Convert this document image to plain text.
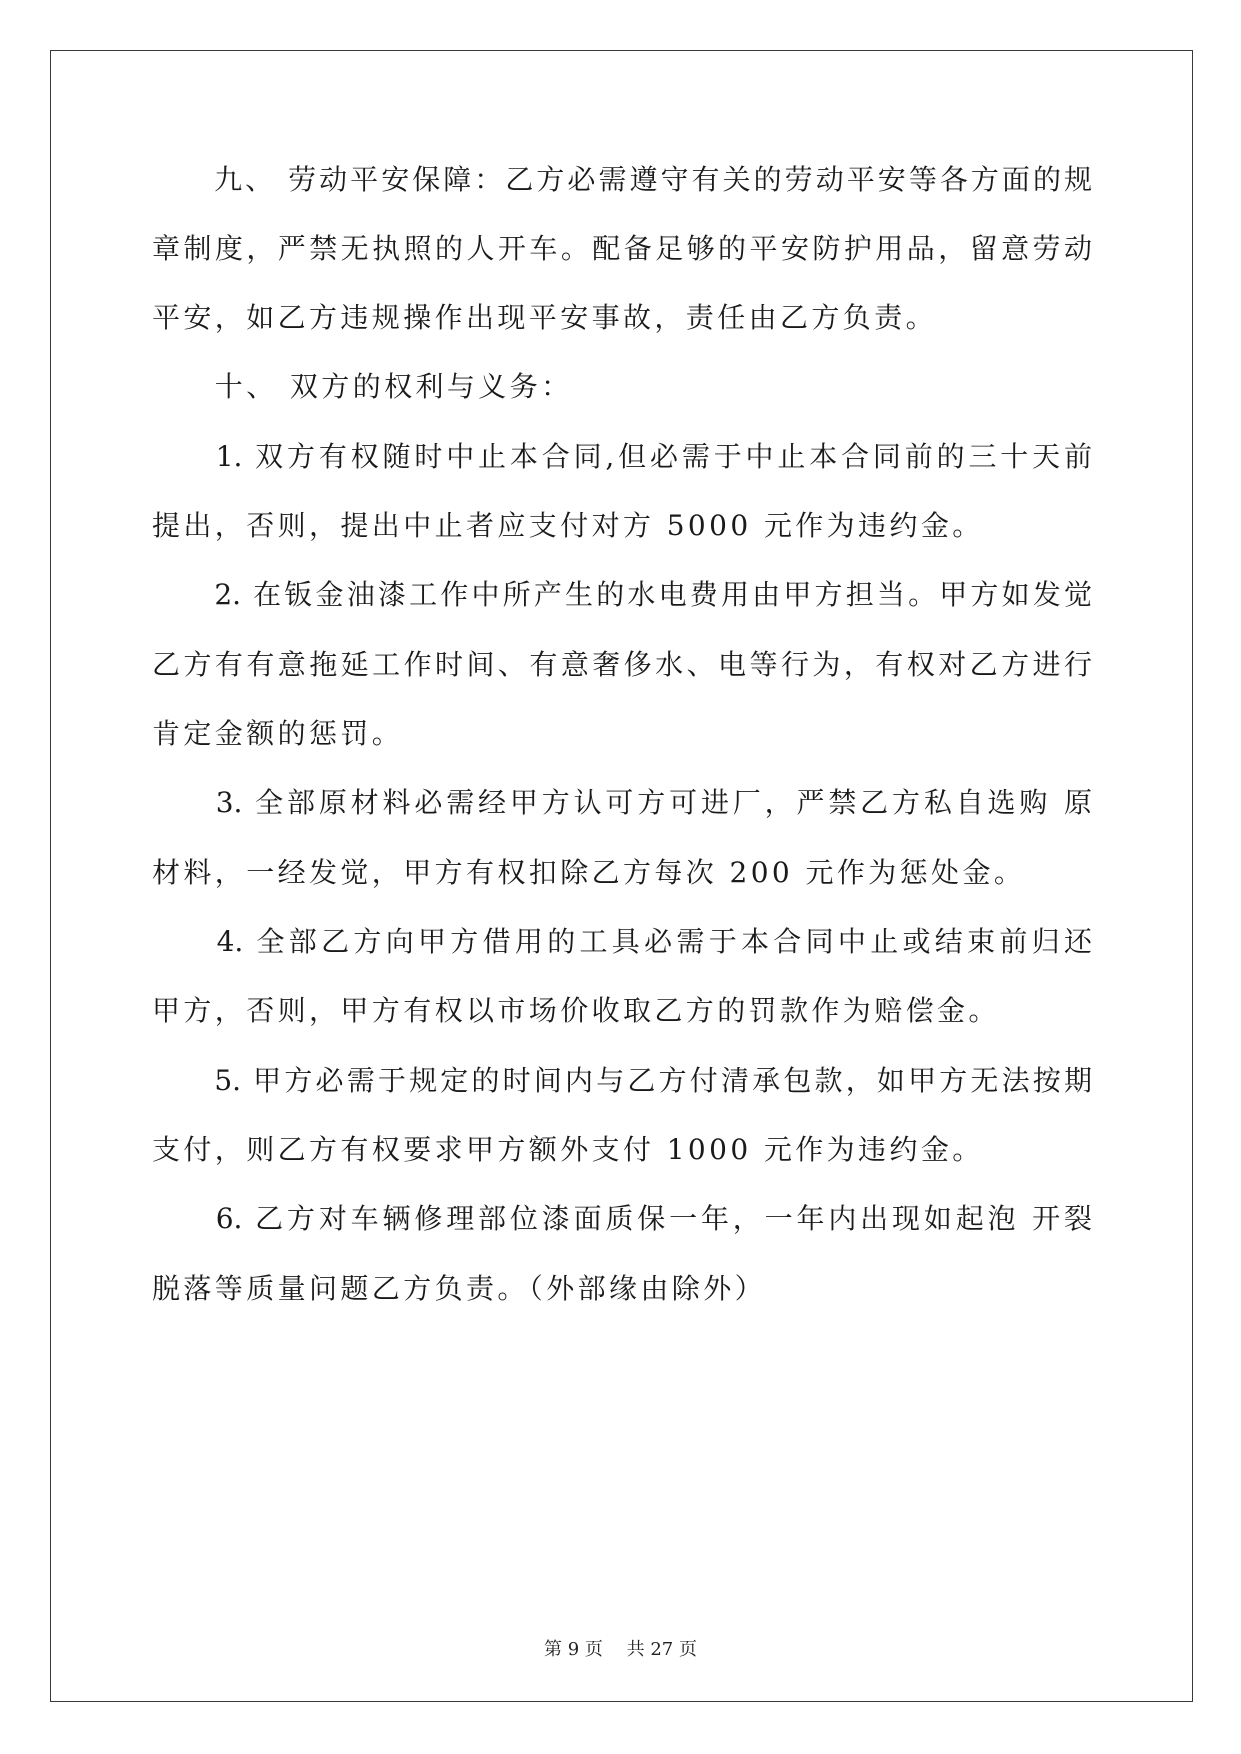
　　九、 劳动平安保障：乙方必需遵守有关的劳动平安等各方面的规
章制度，严禁无执照的人开车。配备足够的平安防护用品，留意劳动
平安，如乙方违规操作出现平安事故，责任由乙方负责。
　　十、 双方的权利与义务：
　　1. 双方有权随时中止本合同,但必需于中止本合同前的三十天前
提出，否则，提出中止者应支付对方 5000 元作为违约金。
　　2. 在钣金油漆工作中所产生的水电费用由甲方担当。甲方如发觉
乙方有有意拖延工作时间、有意奢侈水、电等行为，有权对乙方进行
肯定金额的惩罚。
　　3. 全部原材料必需经甲方认可方可进厂，严禁乙方私自选购 原
材料，一经发觉，甲方有权扣除乙方每次 200 元作为惩处金。
　　4. 全部乙方向甲方借用的工具必需于本合同中止或结束前归还
甲方，否则，甲方有权以市场价收取乙方的罚款作为赔偿金。
　　5. 甲方必需于规定的时间内与乙方付清承包款，如甲方无法按期
支付，则乙方有权要求甲方额外支付 1000 元作为违约金。
　　6. 乙方对车辆修理部位漆面质保一年，一年内出现如起泡 开裂
脱落等质量问题乙方负责。（外部缘由除外）
第 9 页　 共 27 页
